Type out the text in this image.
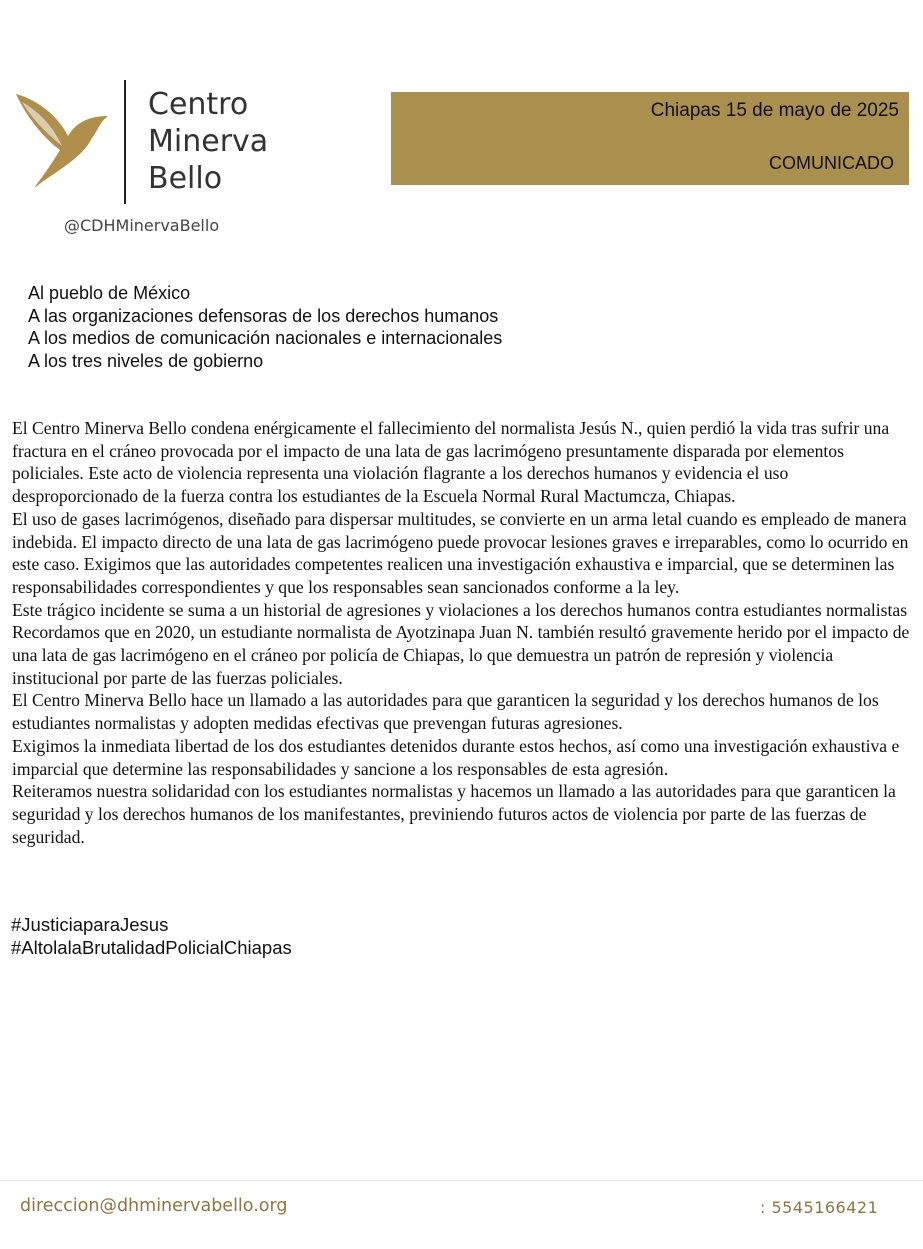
Centro
Minerva
Bello
@CDHMinervaBello
Chiapas 15 de mayo de 2025
COMUNICADO
Al pueblo de México
A las organizaciones defensoras de los derechos humanos
A los medios de comunicación nacionales e internacionales
A los tres niveles de gobierno

El Centro Minerva Bello condena enérgicamente el fallecimiento del normalista Jesús N., quien perdió la vida tras sufrir una fractura en el cráneo provocada por el impacto de una lata de gas lacrimógeno presuntamente disparada por elementos policiales. Este acto de violencia representa una violación flagrante a los derechos humanos y evidencia el uso desproporcionado de la fuerza contra los estudiantes de la Escuela Normal Rural Mactumcza, Chiapas.

El uso de gases lacrimógenos, diseñado para dispersar multitudes, se convierte en un arma letal cuando es empleado de manera indebida. El impacto directo de una lata de gas lacrimógeno puede provocar lesiones graves e irreparables, como lo ocurrido en este caso. Exigimos que las autoridades competentes realicen una investigación exhaustiva e imparcial, que se determinen las responsabilidades correspondientes y que los responsables sean sancionados conforme a la ley.

Este trágico incidente se suma a un historial de agresiones y violaciones a los derechos humanos contra estudiantes normalistas Recordamos que en 2020, un estudiante normalista de Ayotzinapa Juan N. también resultó gravemente herido por el impacto de una lata de gas lacrimógeno en el cráneo por policía de Chiapas, lo que demuestra un patrón de represión y violencia institucional por parte de las fuerzas policiales.

El Centro Minerva Bello hace un llamado a las autoridades para que garanticen la seguridad y los derechos humanos de los estudiantes normalistas y adopten medidas efectivas que prevengan futuras agresiones.

Exigimos la inmediata libertad de los dos estudiantes detenidos durante estos hechos, así como una investigación exhaustiva e imparcial que determine las responsabilidades y sancione a los responsables de esta agresión.

Reiteramos nuestra solidaridad con los estudiantes normalistas y hacemos un llamado a las autoridades para que garanticen la seguridad y los derechos humanos de los manifestantes, previniendo futuros actos de violencia por parte de las fuerzas de seguridad.

#JusticiaparaJesus
#AltolalaBrutalidadPolicialChiapas
direccion@dhminervabello.org	: 5545166421
